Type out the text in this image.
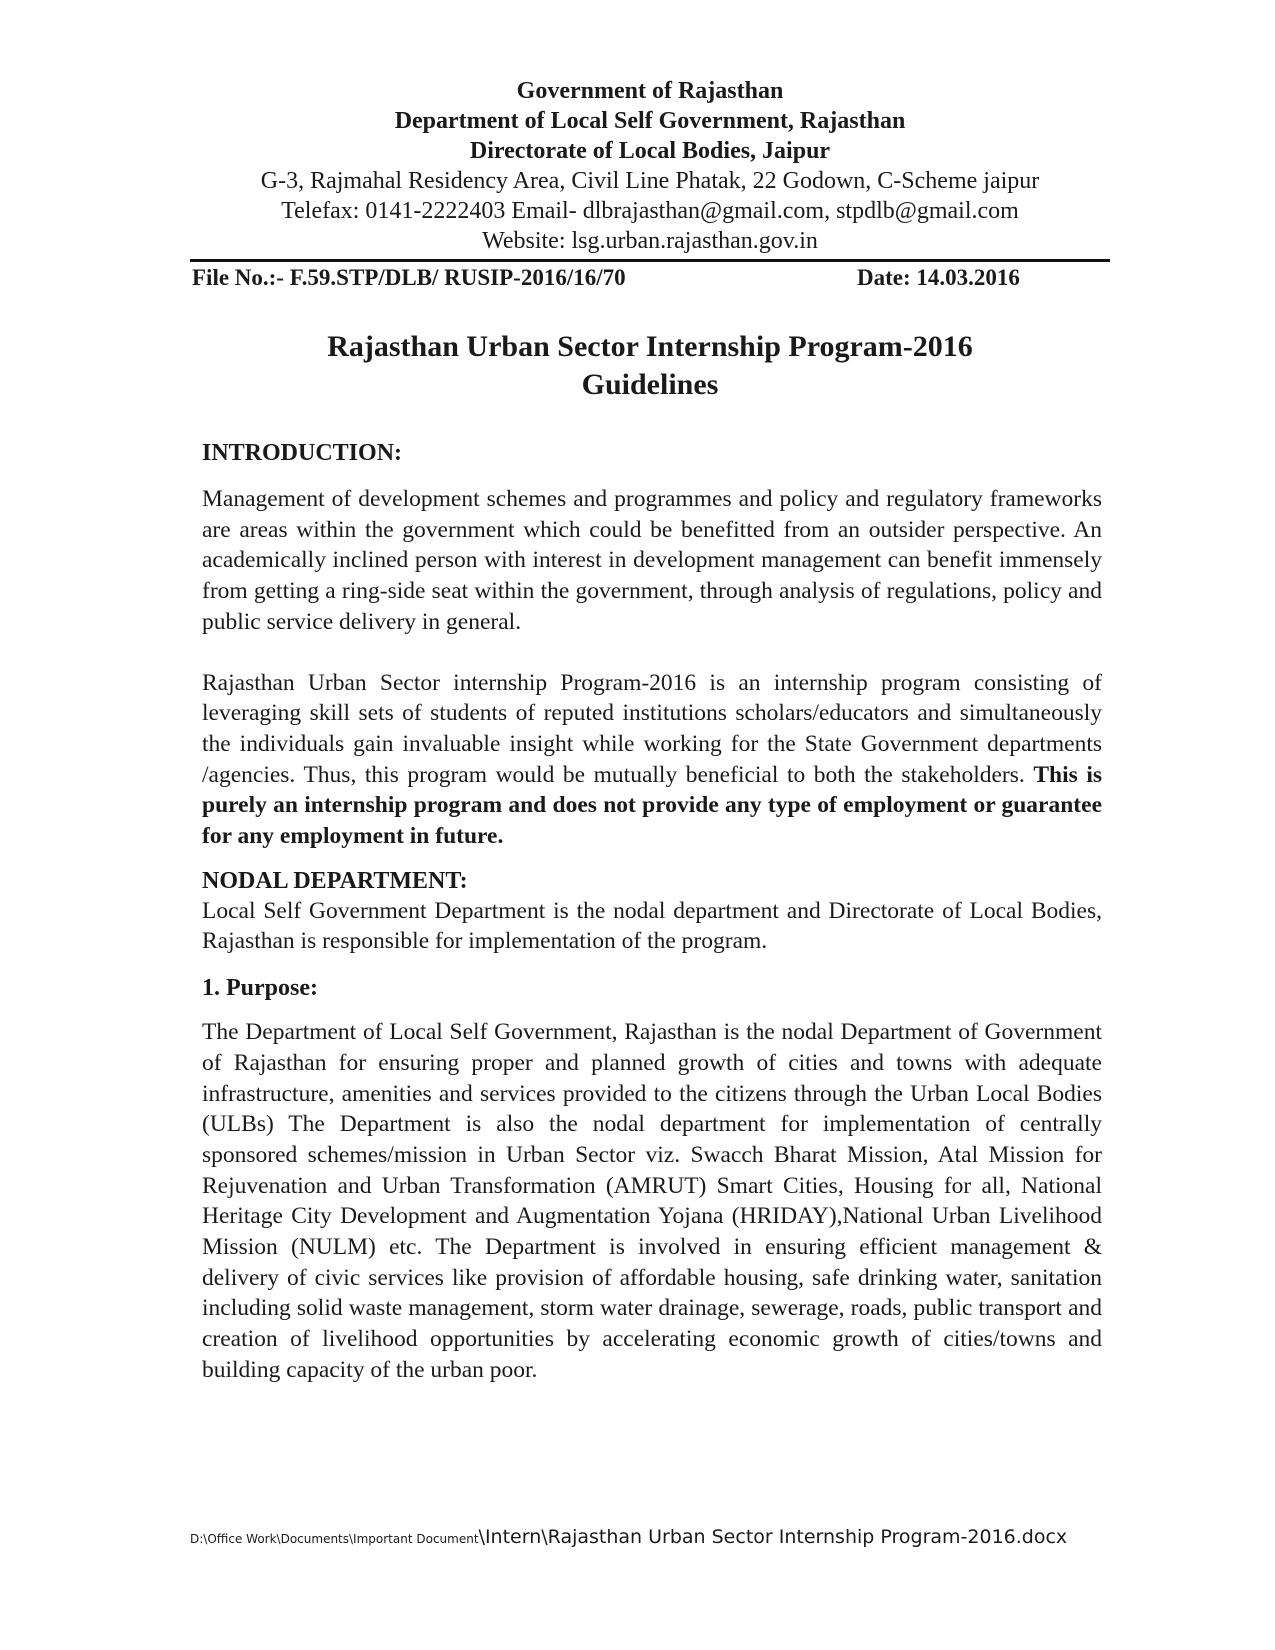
Government of Rajasthan
Department of Local Self Government, Rajasthan
Directorate of Local Bodies, Jaipur
G-3, Rajmahal Residency Area, Civil Line Phatak, 22 Godown, C-Scheme jaipur
Telefax: 0141-2222403 Email- dlbrajasthan@gmail.com, stpdlb@gmail.com
Website: lsg.urban.rajasthan.gov.in
File No.:- F.59.STP/DLB/ RUSIP-2016/16/70	Date: 14.03.2016
Rajasthan Urban Sector Internship Program-2016
Guidelines

INTRODUCTION:

Management of development schemes and programmes and policy and regulatory frameworks are areas within the government which could be benefitted from an outsider perspective. An academically inclined person with interest in development management can benefit immensely from getting a ring-side seat within the government, through analysis of regulations, policy and public service delivery in general.

Rajasthan Urban Sector internship Program-2016 is an internship program consisting of leveraging skill sets of students of reputed institutions scholars/educators and simultaneously the individuals gain invaluable insight while working for the State Government departments /agencies. Thus, this program would be mutually beneficial to both the stakeholders. This is purely an internship program and does not provide any type of employment or guarantee for any employment in future.

NODAL DEPARTMENT:

Local Self Government Department is the nodal department and Directorate of Local Bodies, Rajasthan is responsible for implementation of the program.

1. Purpose:

The Department of Local Self Government, Rajasthan is the nodal Department of Government of Rajasthan for ensuring proper and planned growth of cities and towns with adequate infrastructure, amenities and services provided to the citizens through the Urban Local Bodies (ULBs) The Department is also the nodal department for implementation of centrally sponsored schemes/mission in Urban Sector viz. Swacch Bharat Mission, Atal Mission for Rejuvenation and Urban Transformation (AMRUT) Smart Cities, Housing for all, National Heritage City Development and Augmentation Yojana (HRIDAY),National Urban Livelihood Mission (NULM) etc. The Department is involved in ensuring efficient management & delivery of civic services like provision of affordable housing, safe drinking water, sanitation including solid waste management, storm water drainage, sewerage, roads, public transport and creation of livelihood opportunities by accelerating economic growth of cities/towns and building capacity of the urban poor.

D:\Office Work\Documents\Important Document\Intern\Rajasthan Urban Sector Internship Program-2016.docx
